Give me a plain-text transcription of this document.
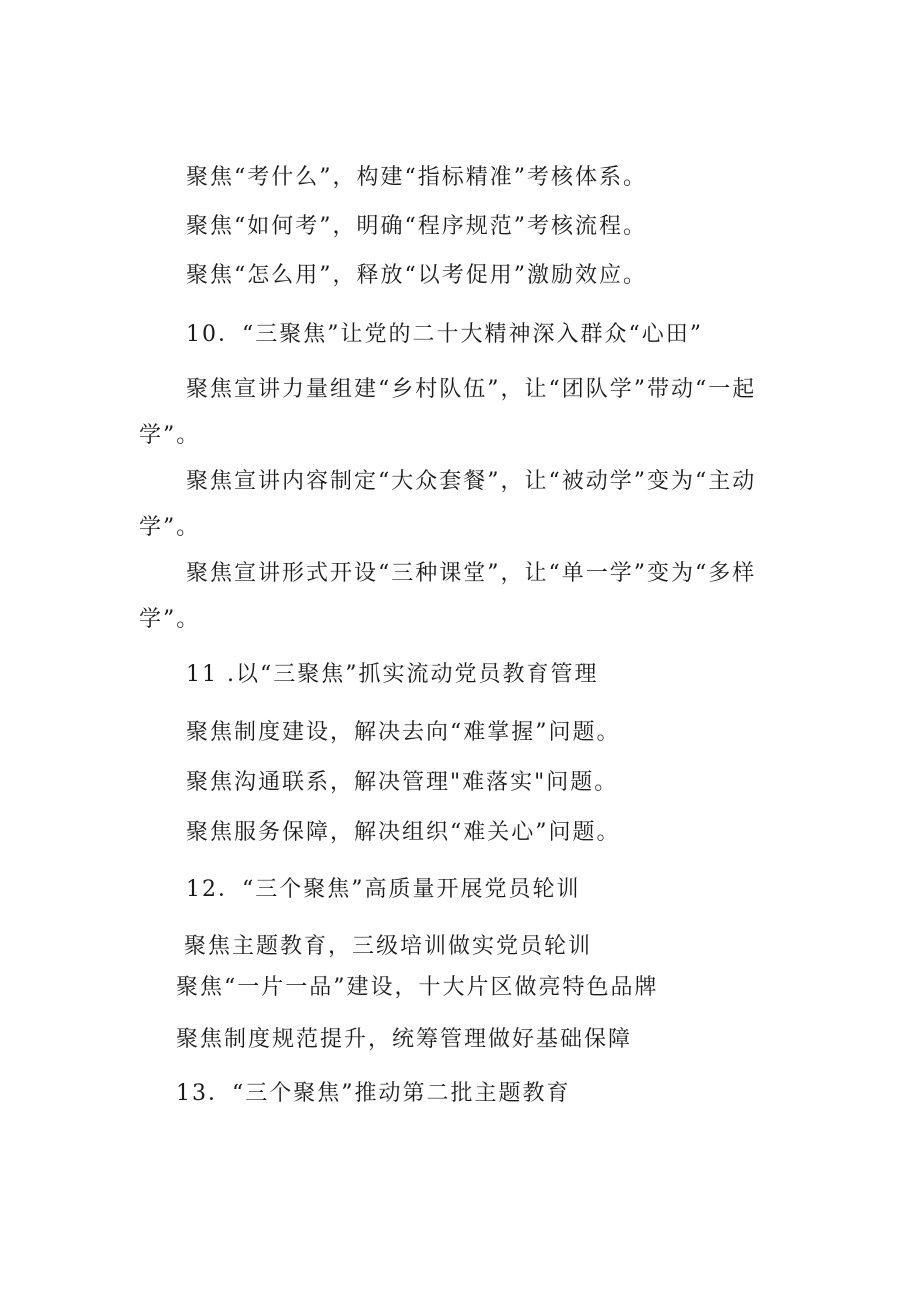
聚焦“考什么”，构建“指标精准”考核体系。
聚焦“如何考”，明确“程序规范”考核流程。
聚焦“怎么用”，释放“以考促用”激励效应。
10．“三聚焦”让党的二十大精神深入群众“心田”
聚焦宣讲力量组建“乡村队伍”，让“团队学”带动“一起学”。
聚焦宣讲内容制定“大众套餐”，让“被动学”变为“主动学”。
聚焦宣讲形式开设“三种课堂”，让“单一学”变为“多样学”。
11 .以“三聚焦”抓实流动党员教育管理
聚焦制度建设，解决去向“难掌握”问题。
聚焦沟通联系，解决管理"难落实"问题。
聚焦服务保障，解决组织“难关心”问题。
12．“三个聚焦”高质量开展党员轮训
聚焦主题教育，三级培训做实党员轮训
聚焦“一片一品”建设，十大片区做亮特色品牌
聚焦制度规范提升，统筹管理做好基础保障
13．“三个聚焦”推动第二批主题教育
